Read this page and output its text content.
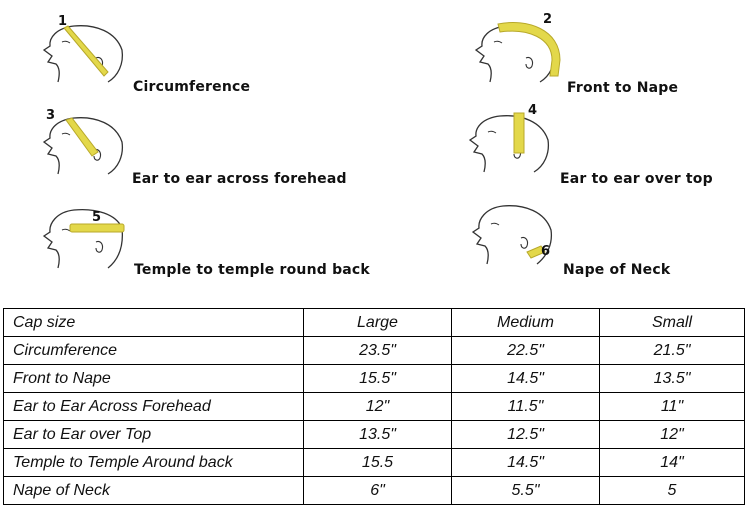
1
Circumference
2
Front to Nape
3
Ear to ear across forehead
4
Ear to ear over top
5
Temple to temple round back
6
Nape of Neck
Cap size	Large	Medium	Small
Circumference	23.5"	22.5"	21.5"
Front to Nape	15.5"	14.5"	13.5"
Ear to Ear Across Forehead	12"	11.5"	11"
Ear to Ear over Top	13.5"	12.5"	12"
Temple to Temple Around back	15.5	14.5"	14"
Nape of Neck	6"	5.5"	5
